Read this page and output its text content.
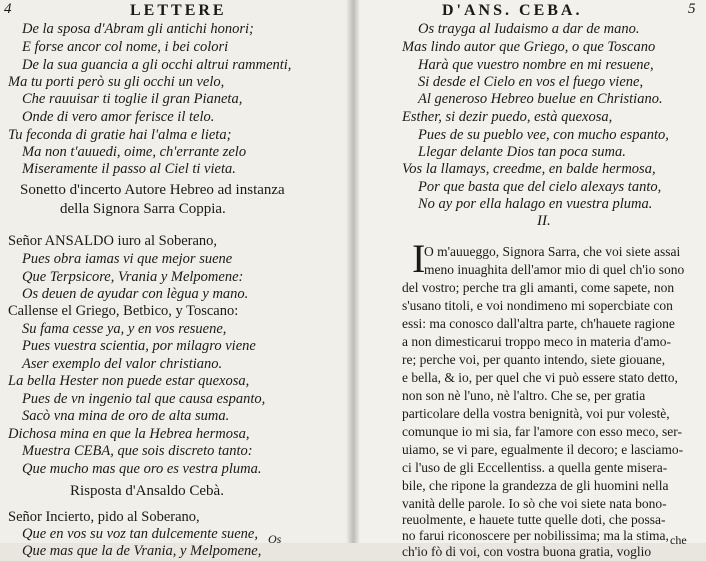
4	LETTERE
De la sposa d'Abram gli antichi honori;
E forse ancor col nome, i bei colori
De la sua guancia a gli occhi altrui rammenti,
Ma tu porti però su gli occhi un velo,
Che rauuisar ti toglie il gran Pianeta,
Onde di vero amor ferisce il telo.
Tu feconda di gratie hai l'alma e lieta;
Ma non t'auuedi, oime, ch'errante zelo
Miseramente il passo al Ciel ti vieta.
Sonetto d'incerto Autore Hebreo ad instanza
della Signora Sarra Coppia.
Señor ANSALDO iuro al Soberano,
Pues obra iamas vi que mejor suene
Que Terpsicore, Vrania y Melpomene:
Os deuen de ayudar con lègua y mano.
Callense el Griego, Betbico, y Toscano:
Su fama cesse ya, y en vos resuene,
Pues vuestra scientia, por milagro viene
Aser exemplo del valor christiano.
La bella Hester non puede estar quexosa,
Pues de vn ingenio tal que causa espanto,
Sacò vna mina de oro de alta suma.
Dichosa mina en que la Hebrea hermosa,
Muestra CEBA, que sois discreto tanto:
Que mucho mas que oro es vestra pluma.
Risposta d'Ansaldo Cebà.
Señor Incierto, pido al Soberano,
Que en vos su voz tan dulcemente suene,
Que mas que la de Vrania, y Melpomene,
Os
D'ANS. CEBA.	5
Os trayga al Iudaismo a dar de mano.
Mas lindo autor que Griego, o que Toscano
Harà que vuestro nombre en mi resuene,
Si desde el Cielo en vos el fuego viene,
Al generoso Hebreo buelue en Christiano.
Esther, si dezir puedo, està quexosa,
Pues de su pueblo vee, con mucho espanto,
Llegar delante Dios tan poca suma.
Vos la llamays, creedme, en balde hermosa,
Por que basta que del cielo alexays tanto,
No ay por ella halago en vuestra pluma.
II.
I
O m'auueggo, Signora Sarra, che voi siete assai
meno inuaghita dell'amor mio di quel ch'io sono
del vostro; perche tra gli amanti, come sapete, non
s'usano titoli, e voi nondimeno mi sopercbiate con
essi: ma conosco dall'altra parte, ch'hauete ragione
a non dimesticarui troppo meco in materia d'amo-
re; perche voi, per quanto intendo, siete giouane,
e bella, & io, per quel che vi può essere stato detto,
non son nè l'uno, nè l'altro. Che se, per gratia
particolare della vostra benignità, voi pur volestè,
comunque io mi sia, far l'amore con esso meco, ser-
uiamo, se vi pare, egualmente il decoro; e lasciamo-
ci l'uso de gli Eccellentiss. a quella gente misera-
bile, che ripone la grandezza de gli huomini nella
vanità delle parole. Io sò che voi siete nata bono-
reuolmente, e hauete tutte quelle doti, che possa-
no farui riconoscere per nobilissima; ma la stima,
ch'io fò di voi, con vostra buona gratia, voglio
che
